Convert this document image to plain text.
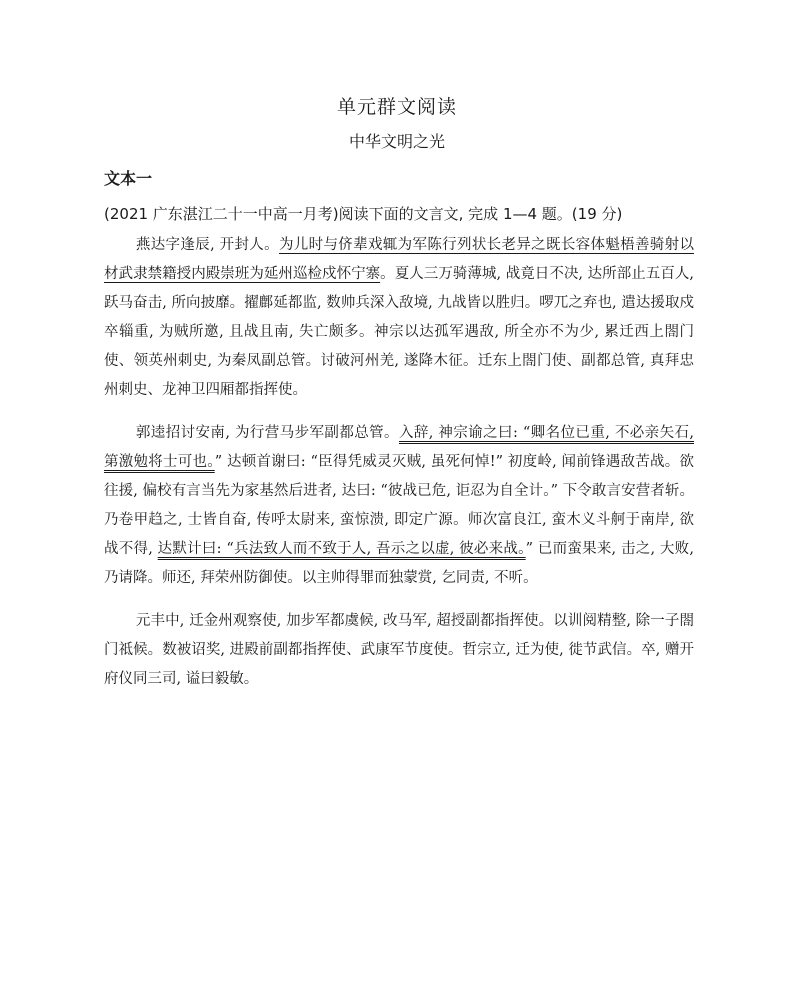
单元群文阅读
中华文明之光
文本一

(2021 广东湛江二十一中高一月考)阅读下面的文言文, 完成 1—4 题。(19 分)

燕达字逢辰, 开封人。为儿时与侪辈戏辄为军陈行列状长老异之既长容体魁梧善骑射以材武隶禁籍授内殿崇班为延州巡检戍怀宁寨。夏人三万骑薄城, 战竟日不决, 达所部止五百人, 跃马奋击, 所向披靡。擢鄜延都监, 数帅兵深入敌境, 九战皆以胜归。啰兀之弃也, 遣达援取戍卒辎重, 为贼所邀, 且战且南, 失亡颇多。神宗以达孤军遇敌, 所全亦不为少, 累迁西上閤门使、领英州刺史, 为秦凤副总管。讨破河州羌, 遂降木征。迁东上閤门使、副都总管, 真拜忠州刺史、龙神卫四厢都指挥使。

郭逵招讨安南, 为行营马步军副都总管。入辞, 神宗谕之曰: “卿名位已重, 不必亲矢石, 第激勉将士可也。” 达顿首谢曰: “臣得凭威灵灭贼, 虽死何悼!” 初度岭, 闻前锋遇敌苦战。欲往援, 偏校有言当先为家基然后进者, 达曰: “彼战已危, 讵忍为自全计。” 下令敢言安营者斩。乃卷甲趋之, 士皆自奋, 传呼太尉来, 蛮惊溃, 即定广源。师次富良江, 蛮木义斗舸于南岸, 欲战不得, 达默计曰: “兵法致人而不致于人, 吾示之以虚, 彼必来战。” 已而蛮果来, 击之, 大败, 乃请降。师还, 拜荣州防御使。以主帅得罪而独蒙赏, 乞同责, 不听。

元丰中, 迁金州观察使, 加步军都虞候, 改马军, 超授副都指挥使。以训阅精整, 除一子閤门祗候。数被诏奖, 进殿前副都指挥使、武康军节度使。哲宗立, 迁为使, 徙节武信。卒, 赠开府仪同三司, 谥曰毅敏。
